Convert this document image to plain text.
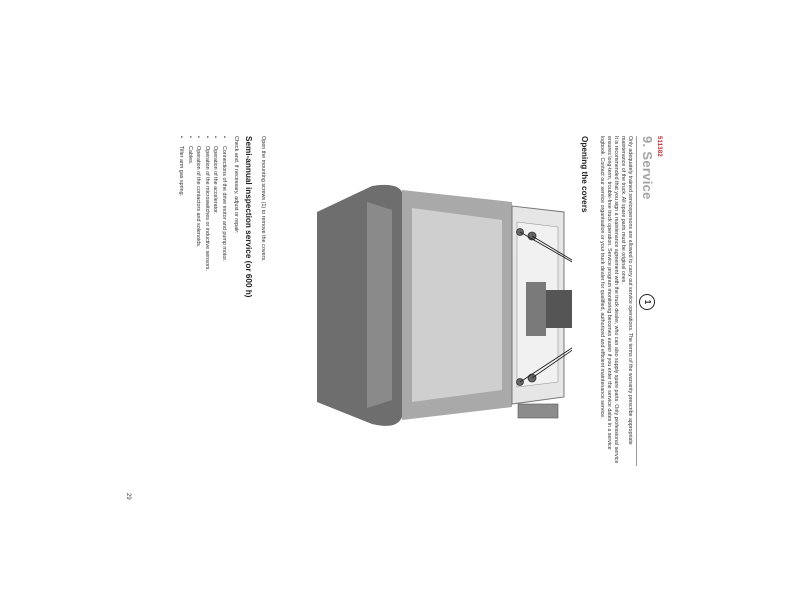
511382
9. Service

Only adequately trained servicepersons are allowed to carry out service operations. The terms of the warranty prescribe appropriate maintenance of the truck. All spare parts must be original ones.

It is recommended that you sign a maintenance agreement with the truck dealer, who can also supply spare parts. Only professional service ensures long-term, trouble-free truck operation. Service program monitoring becomes easier if you enter the service dates in a service logbook. Contact our service organisation or your truck dealer for qualified, authorized and efficient maintenance service.

Opening the covers
1
Open the mounting screws (1) to remove the covers.
Semi-annual inspection service (or 600 h)
Check and, if necessary, adjust or repair:
•
Connections of the drive motor and pump motor.
•
Operation of the accelerator.
•
Operation of the microswitches or inductive sensors.
•
Operation of the contactors and solenoids.
•
Cables.
•
Tiller arm gas spring.
29
